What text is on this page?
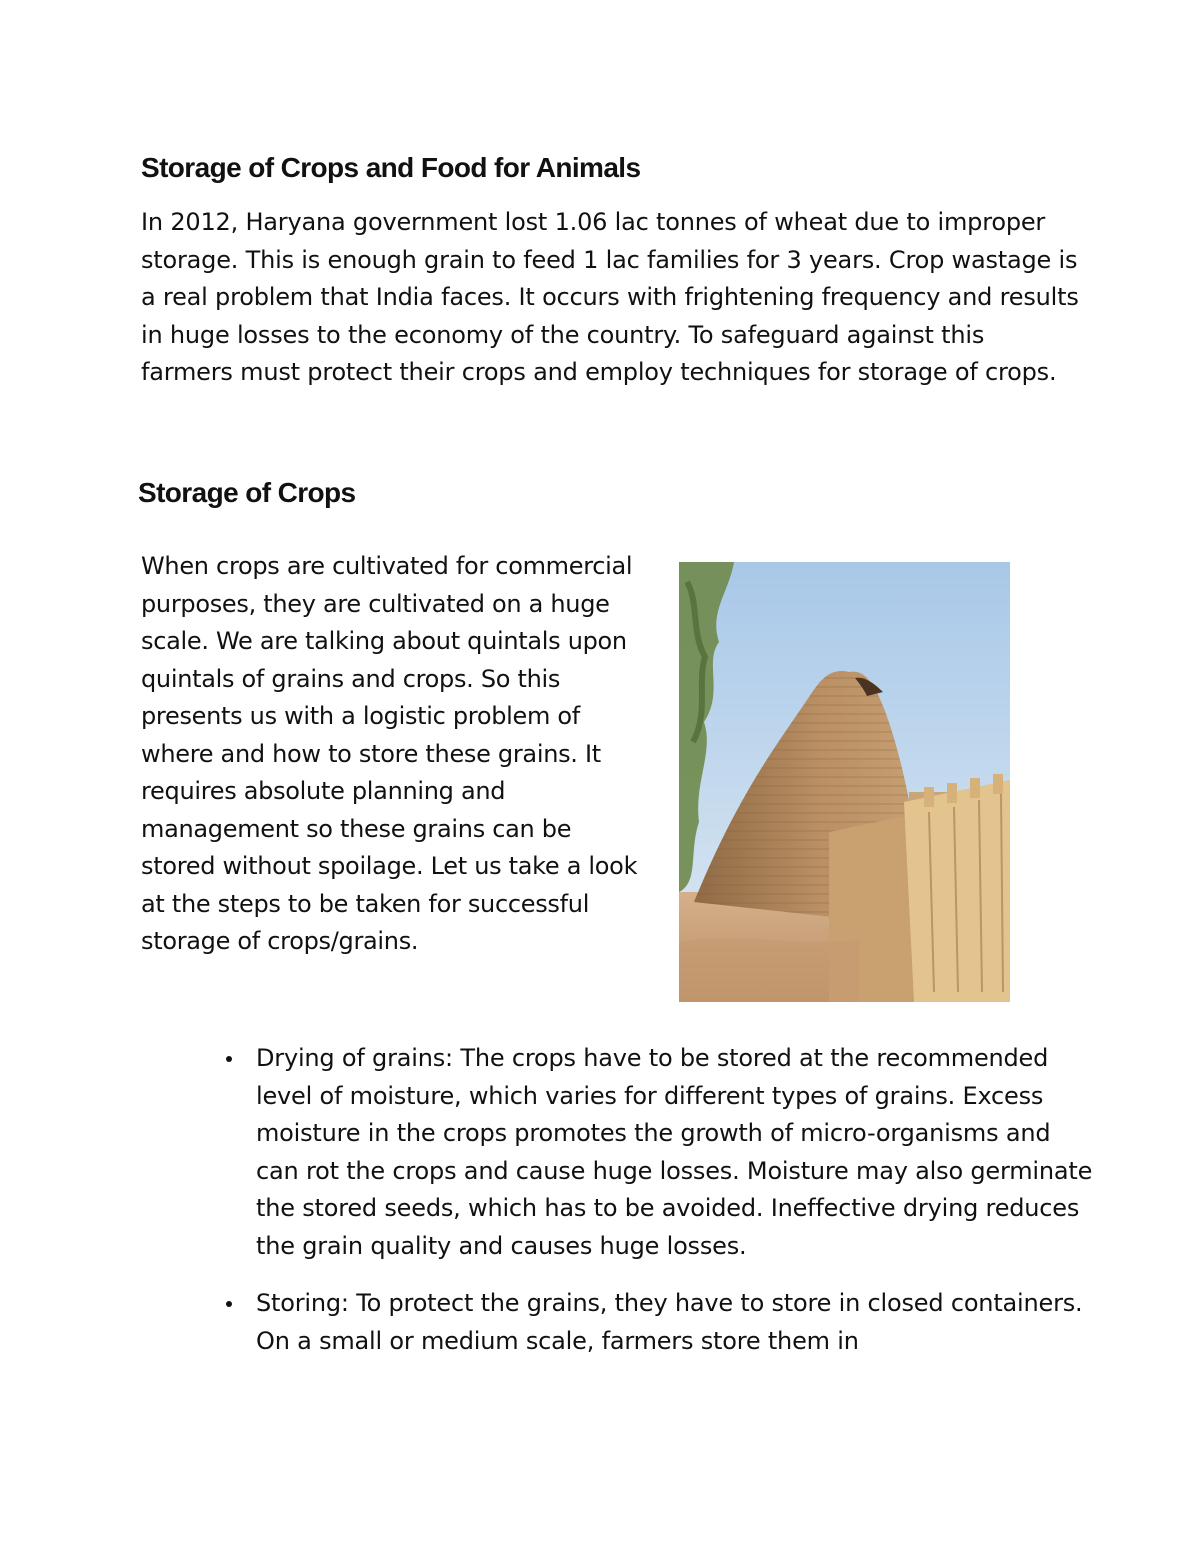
Storage of Crops and Food for Animals

In 2012, Haryana government lost 1.06 lac tonnes of wheat due to improper storage. This is enough grain to feed 1 lac families for 3 years. Crop wastage is a real problem that India faces. It occurs with frightening frequency and results in huge losses to the economy of the country. To safeguard against this farmers must protect their crops and employ techniques for storage of crops.

Storage of Crops

When crops are cultivated for commercial purposes, they are cultivated on a huge scale. We are talking about quintals upon quintals of grains and crops. So this presents us with a logistic problem of where and how to store these grains. It requires absolute planning and management so these grains can be stored without spoilage. Let us take a look at the steps to be taken for successful storage of crops/grains.

Drying of grains: The crops have to be stored at the recommended level of moisture, which varies for different types of grains. Excess moisture in the crops promotes the growth of micro-organisms and can rot the crops and cause huge losses. Moisture may also germinate the stored seeds, which has to be avoided. Ineffective drying reduces the grain quality and causes huge losses.
Storing: To protect the grains, they have to store in closed containers. On a small or medium scale, farmers store them in
